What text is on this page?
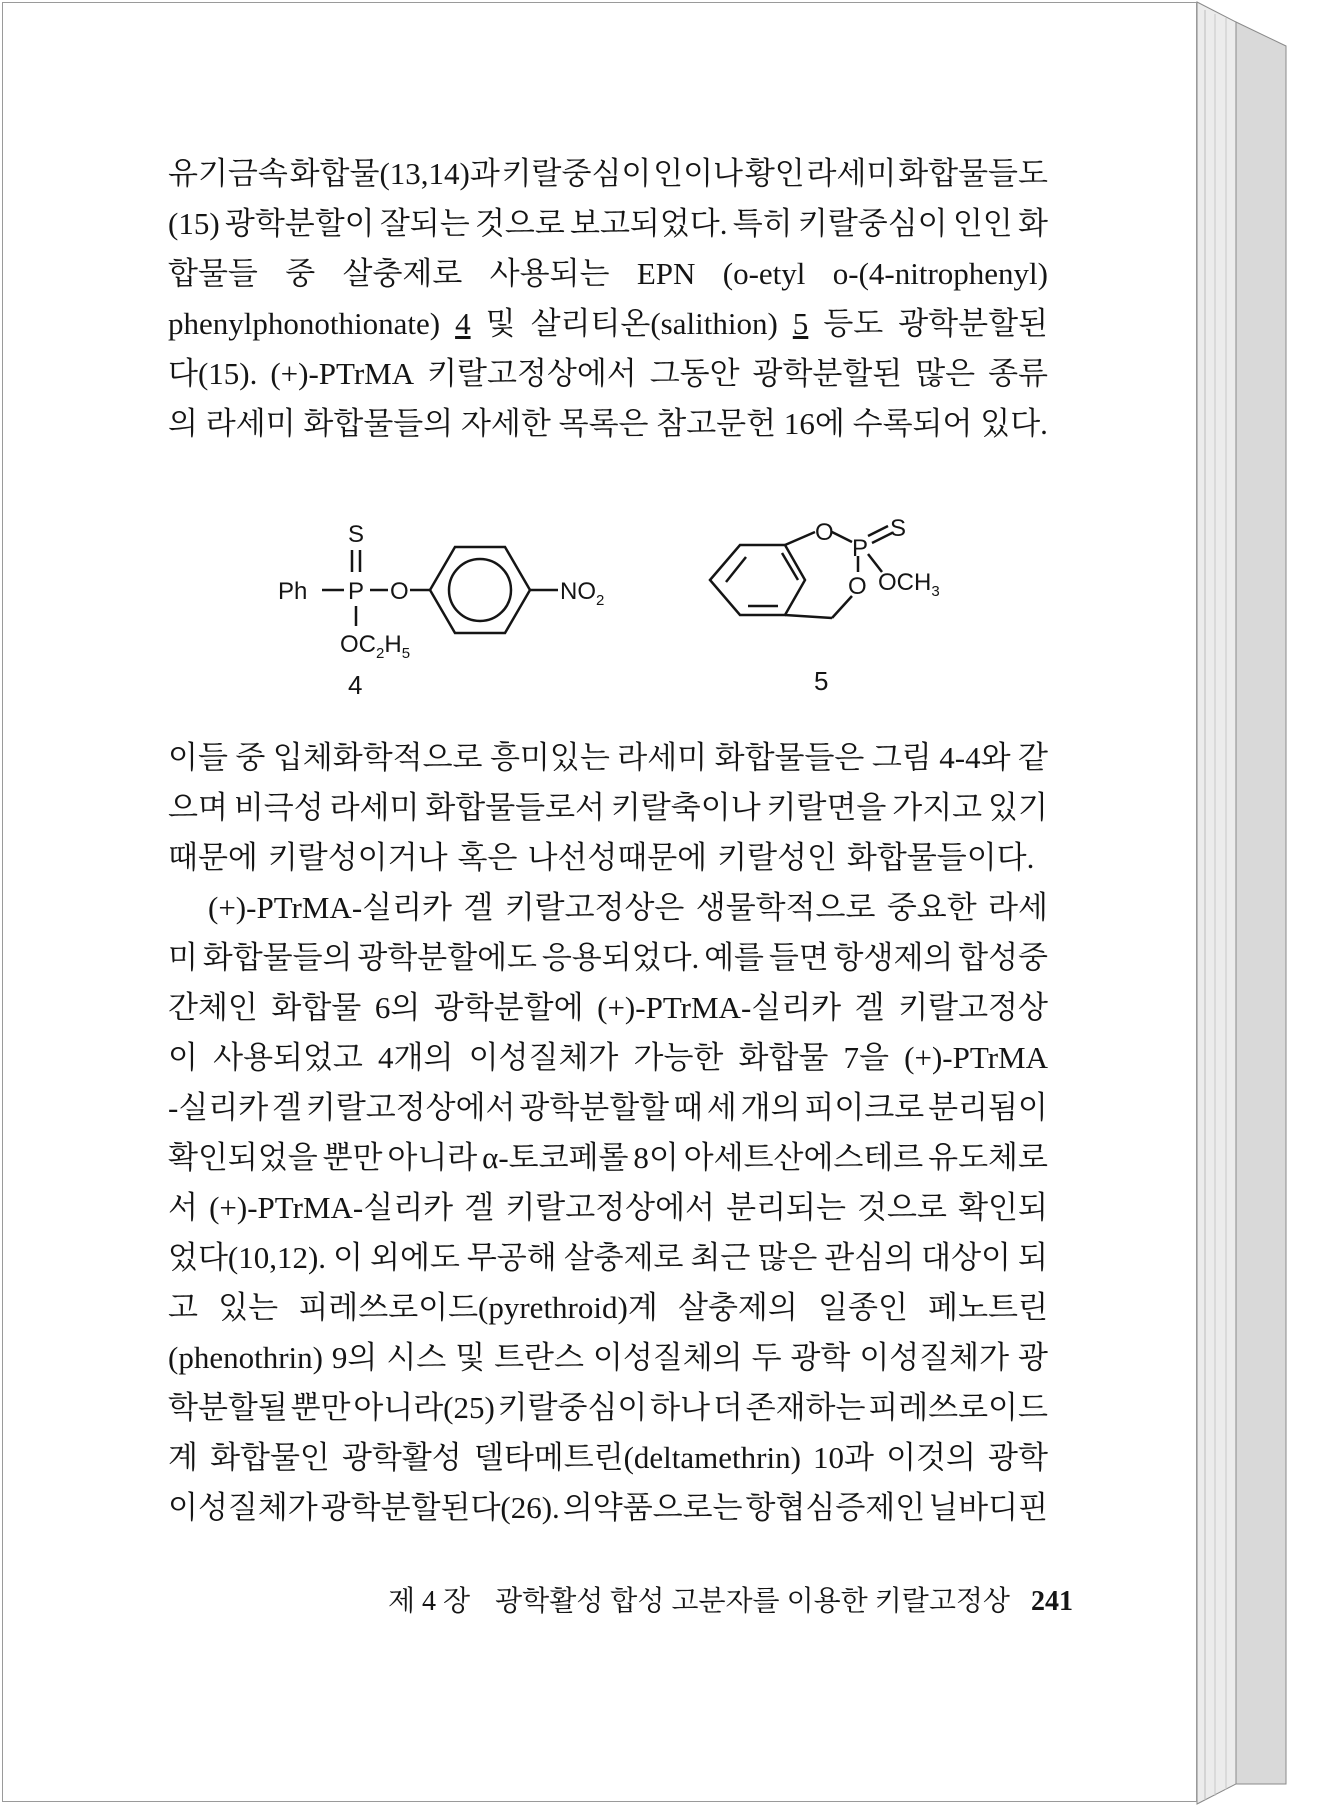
유기금속 화합물(13,14)과 키랄중심이 인이나 황인 라세미 화합물들도
(15) 광학분할이 잘되는 것으로 보고되었다. 특히 키랄중심이 인인 화
합물들 중 살충제로 사용되는 EPN (o-etyl o-(4-nitrophenyl)
phenylphonothionate) 4 및 살리티온(salithion) 5 등도 광학분할된
다(15). (+)-PTrMA 키랄고정상에서 그동안 광학분할된 많은 종류
의 라세미 화합물들의 자세한 목록은 참고문헌 16에 수록되어 있다.
S
Ph P O	$NO_2$
$OC_2H_5$
4
O
P
S
O $OCH_3$
5
이들 중 입체화학적으로 흥미있는 라세미 화합물들은 그림 4-4와 같
으며 비극성 라세미 화합물들로서 키랄축이나 키랄면을 가지고 있기
때문에 키랄성이거나 혹은 나선성때문에 키랄성인 화합물들이다.
(+)-PTrMA-실리카 겔 키랄고정상은 생물학적으로 중요한 라세
미 화합물들의 광학분할에도 응용되었다. 예를 들면 항생제의 합성중
간체인 화합물 6의 광학분할에 (+)-PTrMA-실리카 겔 키랄고정상
이 사용되었고 4개의 이성질체가 가능한 화합물 7을 (+)-PTrMA
-실리카 겔 키랄고정상에서 광학분할할 때 세 개의 피이크로 분리됨이
확인되었을 뿐만 아니라 α-토코페롤 8이 아세트산에스테르 유도체로
서 (+)-PTrMA-실리카 겔 키랄고정상에서 분리되는 것으로 확인되
었다(10,12). 이 외에도 무공해 살충제로 최근 많은 관심의 대상이 되
고 있는 피레쓰로이드(pyrethroid)계 살충제의 일종인 페노트린
(phenothrin) 9의 시스 및 트란스 이성질체의 두 광학 이성질체가 광
학분할될 뿐만 아니라(25) 키랄중심이 하나 더 존재하는 피레쓰로이드
계 화합물인 광학활성 델타메트린(deltamethrin) 10과 이것의 광학
이성질체가 광학분할된다(26). 의약품으로는 항협심증제인 닐바디핀
제 4 장 광학활성 합성 고분자를 이용한 키랄고정상 241
